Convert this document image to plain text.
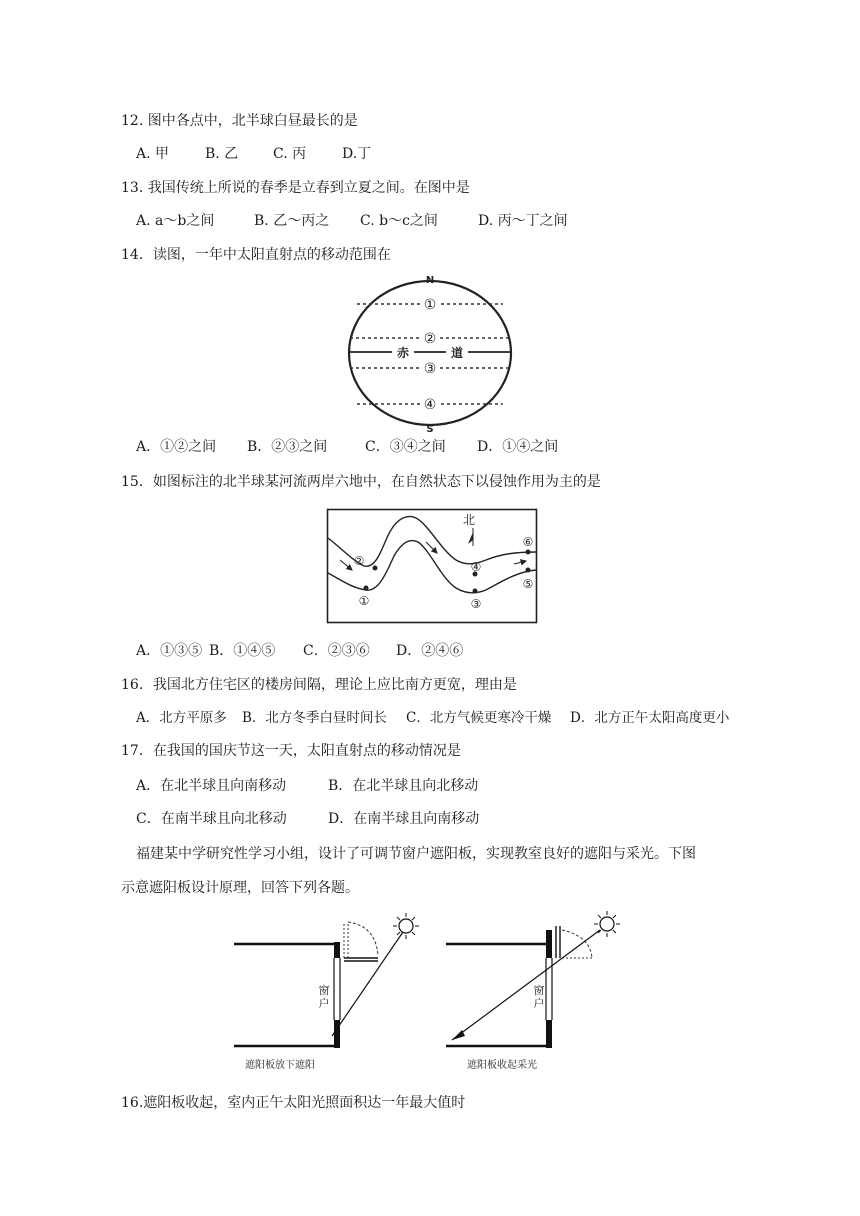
12. 图中各点中，北半球白昼最长的是
A. 甲	B. 乙 C. 丙	D.丁
13. 我国传统上所说的春季是立春到立夏之间。在图中是
A. a～b之间	B. 乙～丙之 C. b～c之间	D. 丙～丁之间
14．读图，一年中太阳直射点的移动范围在
N
S
赤	道
①
②
③
④
A．①②之间 B．②③之间	C．③④之间 D．①④之间
15．如图标注的北半球某河流两岸六地中，在自然状态下以侵蚀作用为主的是
北
①
②
③
④
⑤
⑥
A．①③⑤ B．①④⑤ C．②③⑥ D．②④⑥
16．我国北方住宅区的楼房间隔，理论上应比南方更宽，理由是
A．北方平原多 B．北方冬季白昼时间长 C．北方气候更寒冷干燥 D．北方正午太阳高度更小
17．在我国的国庆节这一天，太阳直射点的移动情况是
A．在北半球且向南移动	B．在北半球且向北移动
C．在南半球且向北移动	D．在南半球且向南移动
福建某中学研究性学习小组，设计了可调节窗户遮阳板，实现教室良好的遮阳与采光。下图
示意遮阳板设计原理，回答下列各题。
窗
户
遮阳板放下遮阳
窗
户
遮阳板收起采光
16.遮阳板收起，室内正午太阳光照面积达一年最大值时
